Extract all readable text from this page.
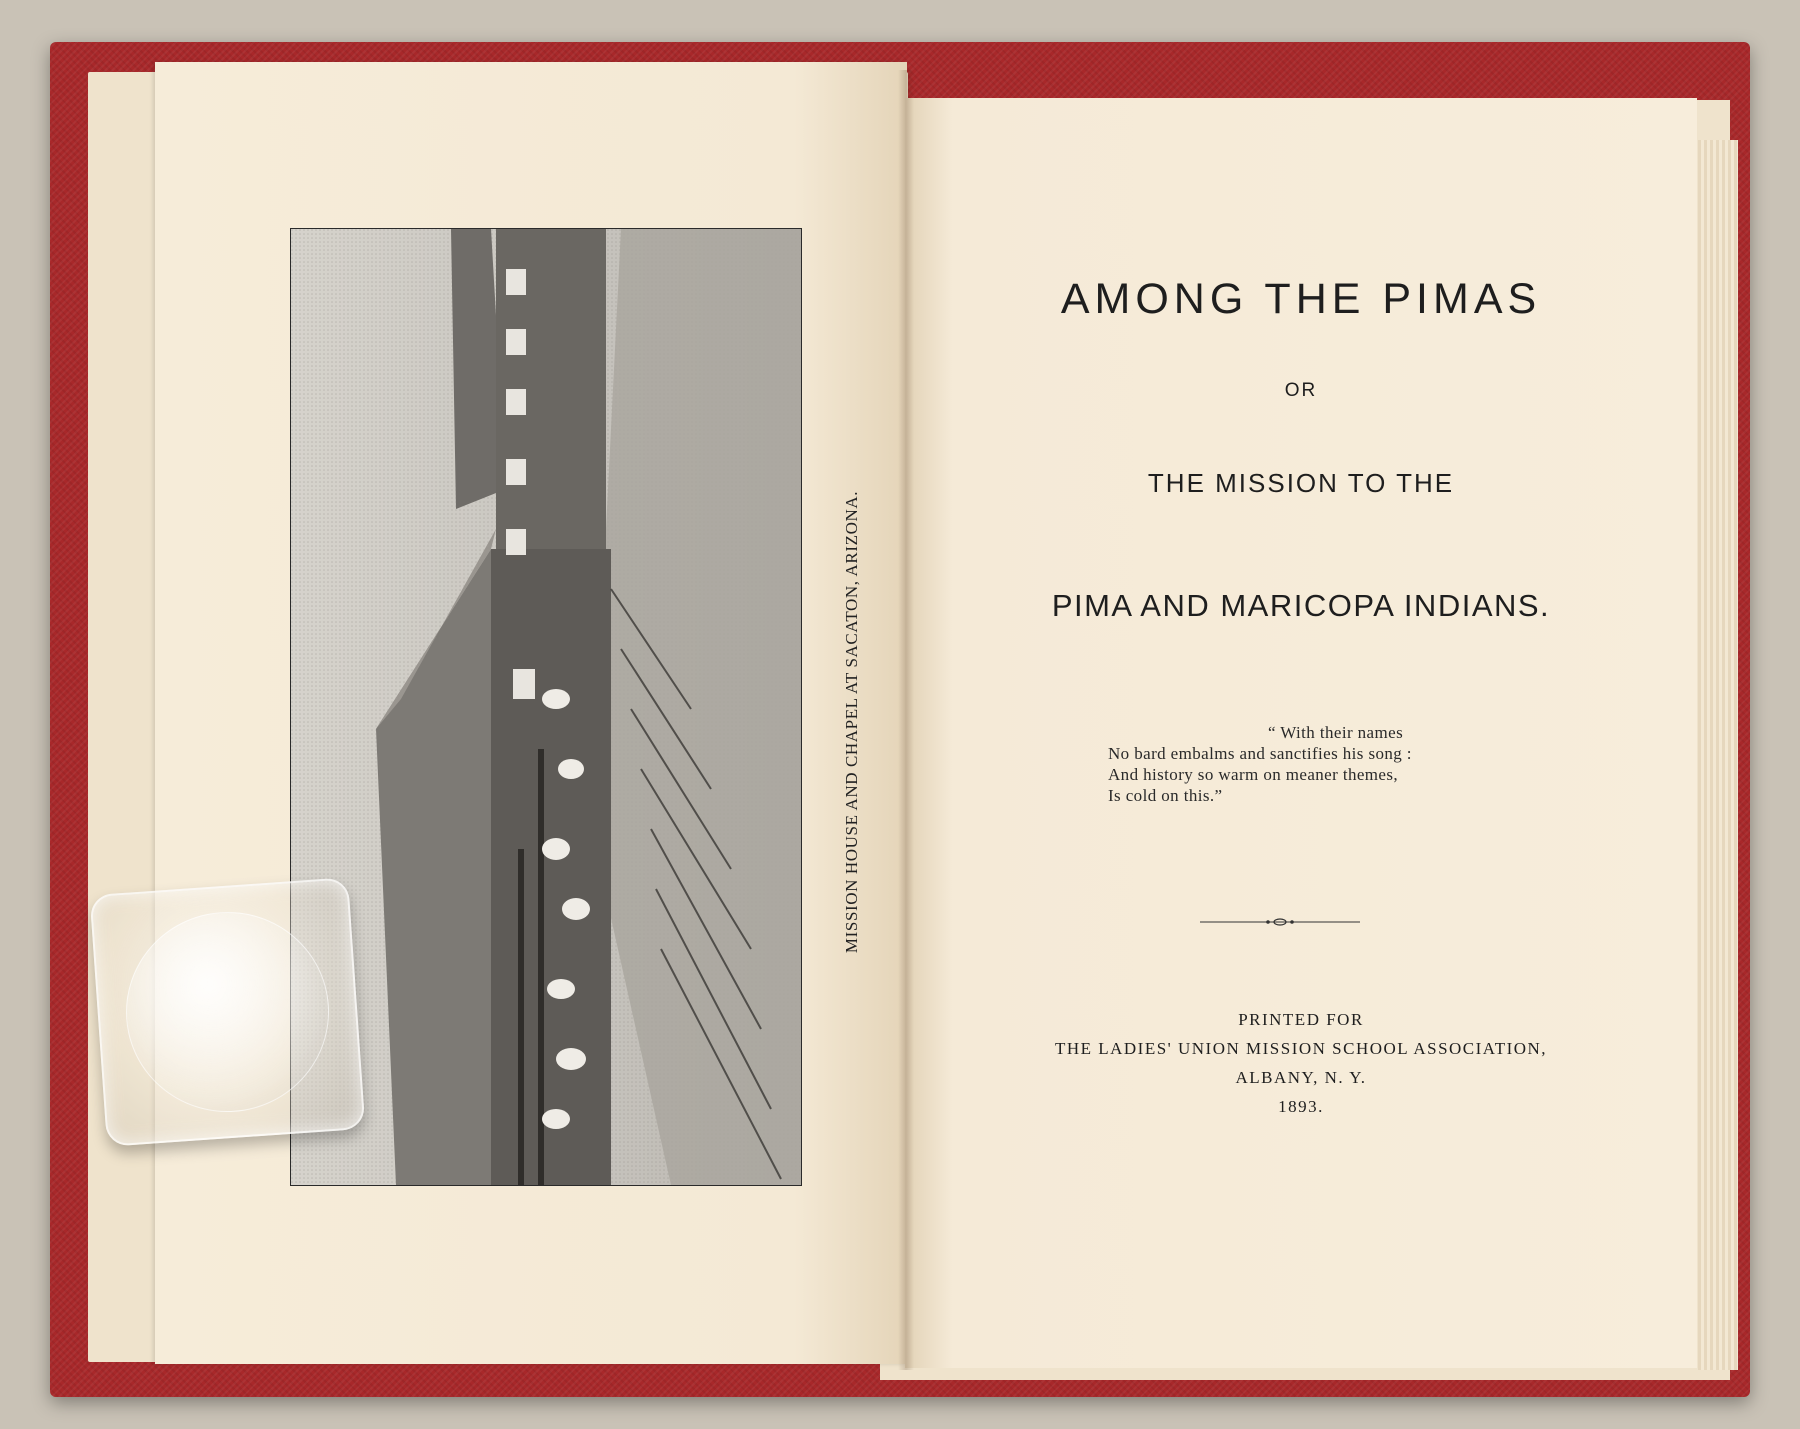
MISSION HOUSE AND CHAPEL AT SACATON, ARIZONA.
AMONG THE PIMAS
OR
THE MISSION TO THE
PIMA AND MARICOPA INDIANS.
“ With their names
No bard embalms and sanctifies his song :
And history so warm on meaner themes,
Is cold on this.”
PRINTED FOR
THE LADIES' UNION MISSION SCHOOL ASSOCIATION,
ALBANY, N. Y.
1893.
